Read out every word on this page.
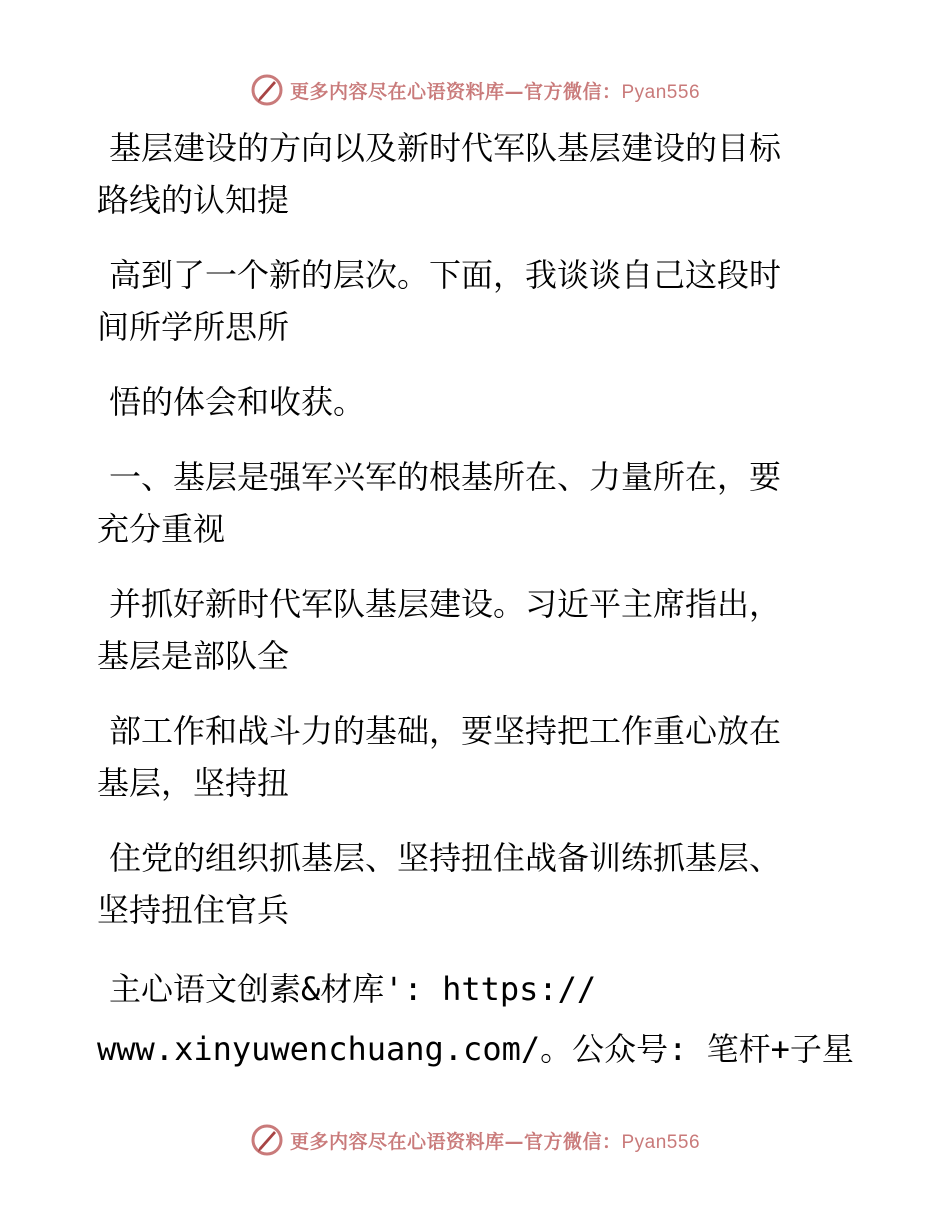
更多内容尽在心语资料库—官方微信：Pyan556
基层建设的方向以及新时代军队基层建设的目标
路线的认知提
高到了一个新的层次。下面，我谈谈自己这段时
间所学所思所
悟的体会和收获。
一、基层是强军兴军的根基所在、力量所在，要
充分重视
并抓好新时代军队基层建设。习近平主席指出，
基层是部队全
部工作和战斗力的基础，要坚持把工作重心放在
基层，坚持扭
住党的组织抓基层、坚持扭住战备训练抓基层、
坚持扭住官兵
主心语文创素&材库': https://
www.xinyuwenchuang.com/。公众号: 笔杆+子星
更多内容尽在心语资料库—官方微信：Pyan556
